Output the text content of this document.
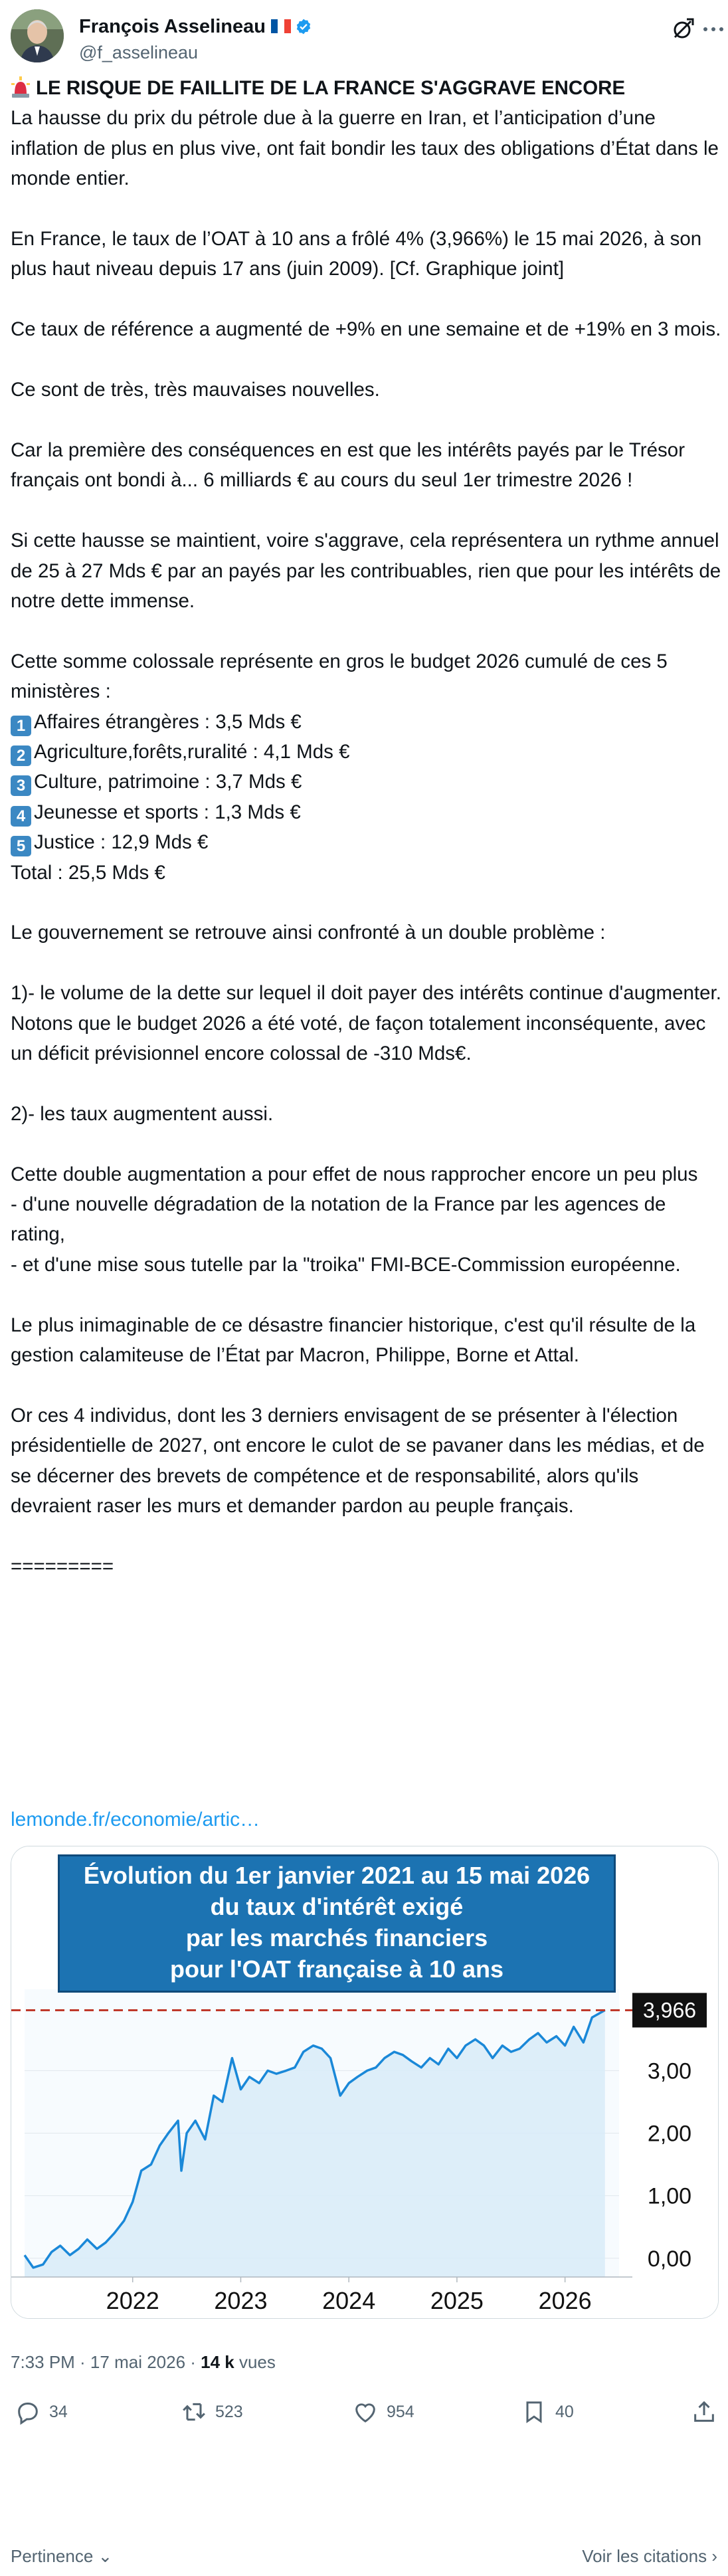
François Asselineau
@f_asselineau
LE RISQUE DE FAILLITE DE LA FRANCE S'AGGRAVE ENCORE
La hausse du prix du pétrole due à la guerre en Iran, et l’anticipation d’une inflation de plus en plus vive, ont fait bondir les taux des obligations d’État dans le monde entier.

En France, le taux de l’OAT à 10 ans a frôlé 4% (3,966%) le 15 mai 2026, à son plus haut niveau depuis 17 ans (juin 2009). [Cf. Graphique joint]

Ce taux de référence a augmenté de +9% en une semaine et de +19% en 3 mois.

Ce sont de très, très mauvaises nouvelles.

Car la première des conséquences en est que les intérêts payés par le Trésor français ont bondi à... 6 milliards € au cours du seul 1er trimestre 2026 !

Si cette hausse se maintient, voire s'aggrave, cela représentera un rythme annuel de 25 à 27 Mds € par an payés par les contribuables, rien que pour les intérêts de notre dette immense.

Cette somme colossale représente en gros le budget 2026 cumulé de ces 5 ministères :
1 Affaires étrangères : 3,5 Mds €
2 Agriculture,forêts,ruralité : 4,1 Mds €
3 Culture, patrimoine : 3,7 Mds €
4 Jeunesse et sports : 1,3 Mds €
5 Justice : 12,9 Mds €
Total : 25,5 Mds €

Le gouvernement se retrouve ainsi confronté à un double problème :

1)- le volume de la dette sur lequel il doit payer des intérêts continue d'augmenter.
Notons que le budget 2026 a été voté, de façon totalement inconséquente, avec un déficit prévisionnel encore colossal de -310 Mds€.

2)- les taux augmentent aussi.

Cette double augmentation a pour effet de nous rapprocher encore un peu plus
- d'une nouvelle dégradation de la notation de la France par les agences de rating,
- et d'une mise sous tutelle par la "troika" FMI-BCE-Commission européenne.

Le plus inimaginable de ce désastre financier historique, c'est qu'il résulte de la gestion calamiteuse de l’État par Macron, Philippe, Borne et Attal.

Or ces 4 individus, dont les 3 derniers envisagent de se présenter à l'élection présidentielle de 2027, ont encore le culot de se pavaner dans les médias, et de se décerner des brevets de compétence et de responsabilité, alors qu'ils devraient raser les murs et demander pardon au peuple français.

=========
lemonde.fr/economie/artic…
3,966
0,00
1,00
2,00
3,00
2022 2023 2024 2025 2026
Évolution du 1er janvier 2021 au 15 mai 2026
du taux d'intérêt exigé
par les marchés financiers
pour l'OAT française à 10 ans
7:33 PM · 17 mai 2026 · 14 k vues
34	523	954	40
Pertinence ⌄	Voir les citations ›
